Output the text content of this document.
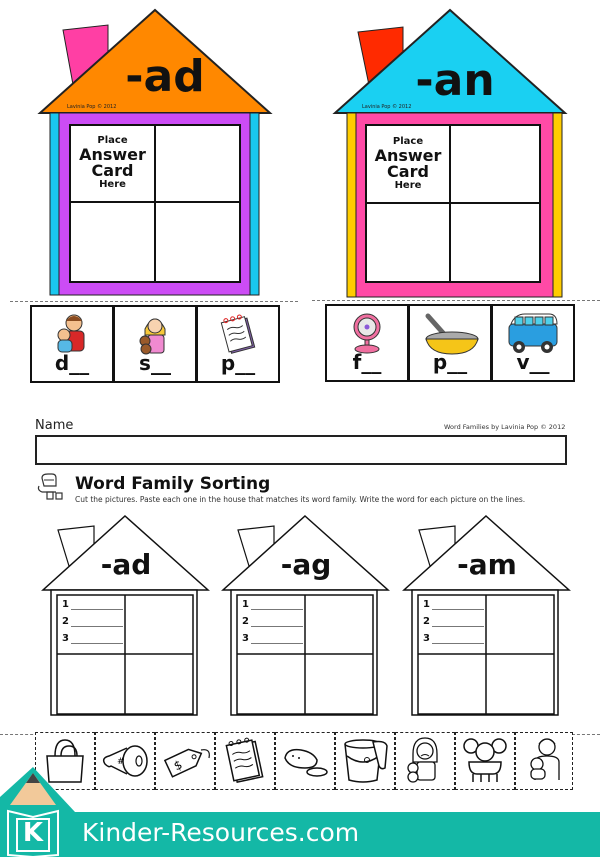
-ad
Lavinia Pop © 2012
Place
Answer
Card
Here
-an
Lavinia Pop © 2012
Place
Answer
Card
Here
d__	s__	p__	f__	p__	v__
Name	Word Families by Lavinia Pop © 2012
Word Family Sorting
Cut the pictures. Paste each one in the house that matches its word family. Write the word for each picture on the lines.
-ad
1
2
3
-ag
1
2
3
-am
1
2
3
#	$
K Kinder-Resources.com
